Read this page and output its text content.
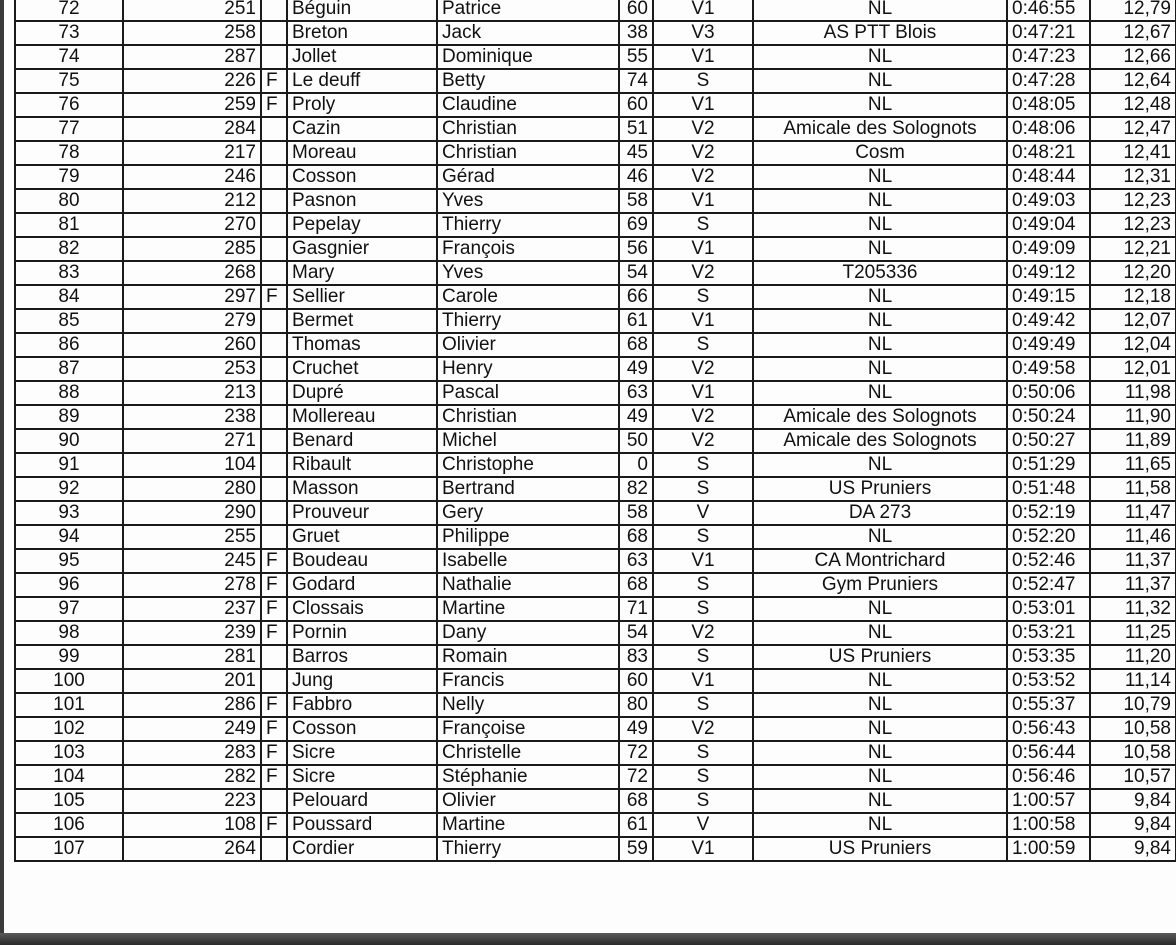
72	251		Béguin	Patrice	60	V1	NL	0:46:55	12,79
73	258		Breton	Jack	38	V3	AS PTT Blois	0:47:21	12,67
74	287		Jollet	Dominique	55	V1	NL	0:47:23	12,66
75	226	F	Le deuff	Betty	74	S	NL	0:47:28	12,64
76	259	F	Proly	Claudine	60	V1	NL	0:48:05	12,48
77	284		Cazin	Christian	51	V2	Amicale des Solognots	0:48:06	12,47
78	217		Moreau	Christian	45	V2	Cosm	0:48:21	12,41
79	246		Cosson	Gérad	46	V2	NL	0:48:44	12,31
80	212		Pasnon	Yves	58	V1	NL	0:49:03	12,23
81	270		Pepelay	Thierry	69	S	NL	0:49:04	12,23
82	285		Gasgnier	François	56	V1	NL	0:49:09	12,21
83	268		Mary	Yves	54	V2	T205336	0:49:12	12,20
84	297	F	Sellier	Carole	66	S	NL	0:49:15	12,18
85	279		Bermet	Thierry	61	V1	NL	0:49:42	12,07
86	260		Thomas	Olivier	68	S	NL	0:49:49	12,04
87	253		Cruchet	Henry	49	V2	NL	0:49:58	12,01
88	213		Dupré	Pascal	63	V1	NL	0:50:06	11,98
89	238		Mollereau	Christian	49	V2	Amicale des Solognots	0:50:24	11,90
90	271		Benard	Michel	50	V2	Amicale des Solognots	0:50:27	11,89
91	104		Ribault	Christophe	0	S	NL	0:51:29	11,65
92	280		Masson	Bertrand	82	S	US Pruniers	0:51:48	11,58
93	290		Prouveur	Gery	58	V	DA 273	0:52:19	11,47
94	255		Gruet	Philippe	68	S	NL	0:52:20	11,46
95	245	F	Boudeau	Isabelle	63	V1	CA Montrichard	0:52:46	11,37
96	278	F	Godard	Nathalie	68	S	Gym Pruniers	0:52:47	11,37
97	237	F	Clossais	Martine	71	S	NL	0:53:01	11,32
98	239	F	Pornin	Dany	54	V2	NL	0:53:21	11,25
99	281		Barros	Romain	83	S	US Pruniers	0:53:35	11,20
100	201		Jung	Francis	60	V1	NL	0:53:52	11,14
101	286	F	Fabbro	Nelly	80	S	NL	0:55:37	10,79
102	249	F	Cosson	Françoise	49	V2	NL	0:56:43	10,58
103	283	F	Sicre	Christelle	72	S	NL	0:56:44	10,58
104	282	F	Sicre	Stéphanie	72	S	NL	0:56:46	10,57
105	223		Pelouard	Olivier	68	S	NL	1:00:57	9,84
106	108	F	Poussard	Martine	61	V	NL	1:00:58	9,84
107	264		Cordier	Thierry	59	V1	US Pruniers	1:00:59	9,84
